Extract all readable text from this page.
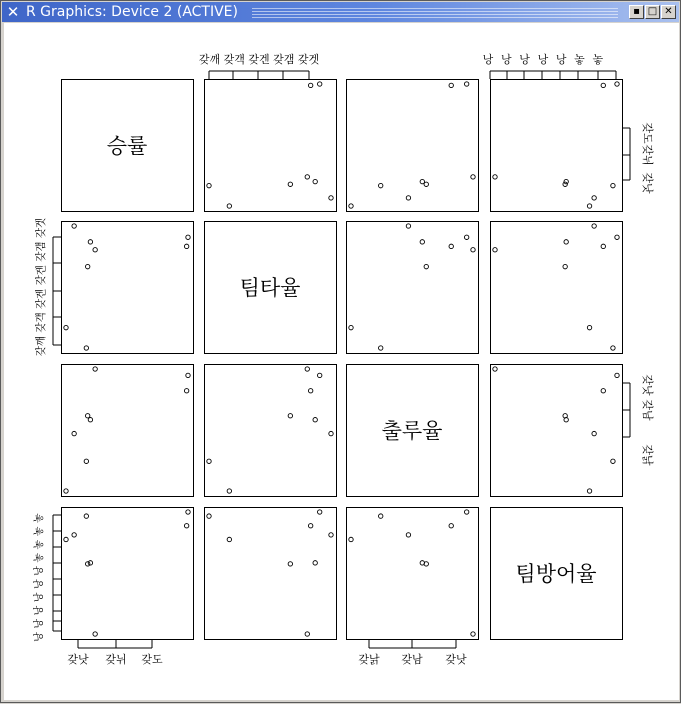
✕ R Graphics: Device 2 (ACTIVE)	▪ □ ✕
승률
팀타율
출루율
팀방어율
갖깨 갖객 갖겐 갖갬 갖겟	낭 낭 낭 낭 낭 놓 놓
갖도
갖뉘
갖낫
갖낫
갖남
갖낡
갖깨 갖객 갖겐 갖겐 갖갬 갖겟
낭
낭
낭
낭
낭
낭
놓
놓
놓
놓
갖낫 갖뉘 갖도	갖낡 갖남 갖낫
